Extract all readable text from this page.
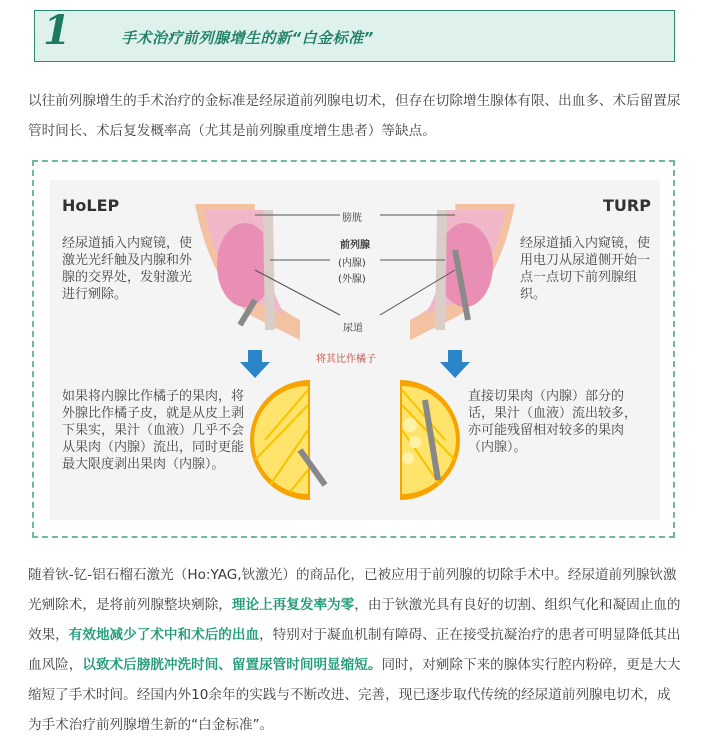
1	手术治疗前列腺增生的新“白金标准”
以往前列腺增生的手术治疗的金标准是经尿道前列腺电切术，但存在切除增生腺体有限、出血多、术后留置尿管时间长、术后复发概率高（尤其是前列腺重度增生患者）等缺点。
HoLEP	TURP
膀胱
前列腺
(内腺)
(外腺)
尿道
将其比作橘子
经尿道插入内窥镜，使激光光纤触及内腺和外腺的交界处，发射激光进行剜除。
经尿道插入内窥镜，使用电刀从尿道侧开始一点一点切下前列腺组织。
如果将内腺比作橘子的果肉，将外腺比作橘子皮，就是从皮上剥下果实，果汁（血液）几乎不会从果肉（内腺）流出，同时更能最大限度剥出果肉（内腺）。
直接切果肉（内腺）部分的话，果汁（血液）流出较多，亦可能残留相对较多的果肉（内腺）。
随着钬-钇-铝石榴石激光（Ho:YAG,钬激光）的商品化，已被应用于前列腺的切除手术中。经尿道前列腺钬激光剜除术，是将前列腺整块剜除，理论上再复发率为零，由于钬激光具有良好的切割、组织气化和凝固止血的效果，有效地减少了术中和术后的出血，特别对于凝血机制有障碍、正在接受抗凝治疗的患者可明显降低其出血风险，以致术后膀胱冲洗时间、留置尿管时间明显缩短。同时，对剜除下来的腺体实行腔内粉碎，更是大大缩短了手术时间。经国内外10余年的实践与不断改进、完善，现已逐步取代传统的经尿道前列腺电切术，成为手术治疗前列腺增生新的“白金标准”。
